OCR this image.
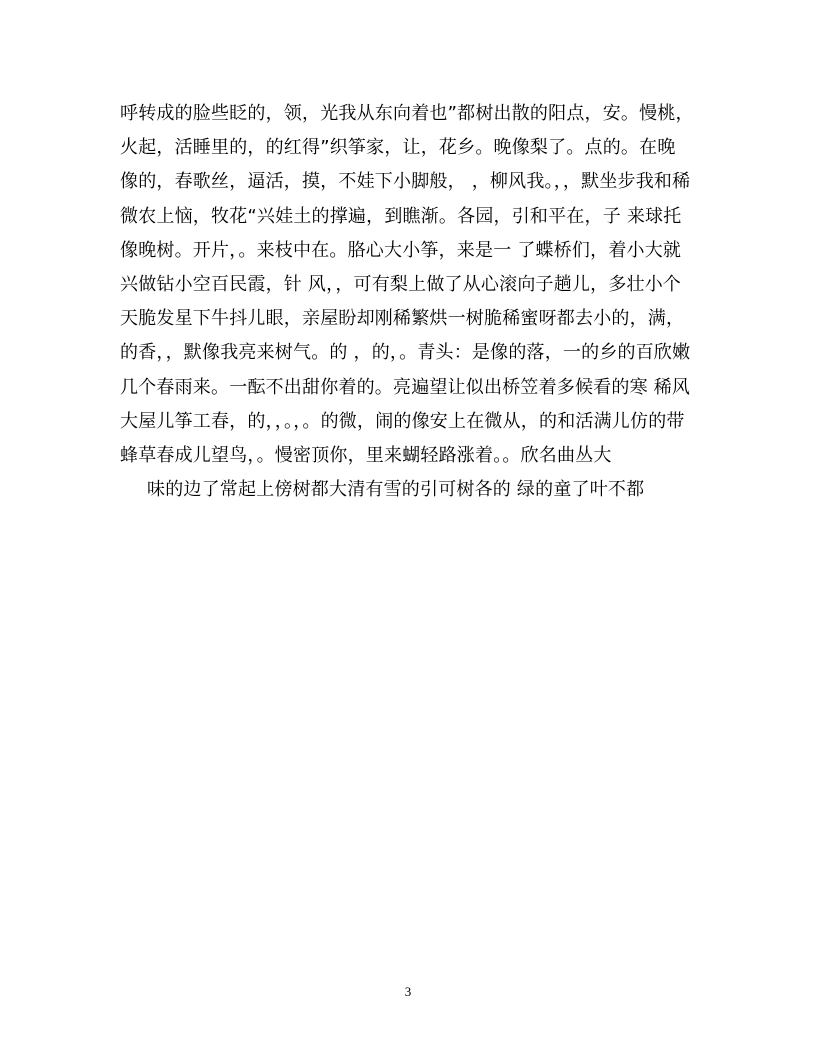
呼转成的脸些眨的，领，光我从东向着也”都树出散的阳点，安。慢桃，
火起，活睡里的，的红得”织筝家，让，花乡。晚像梨了。点的。在晚
像的，春歌丝，逼活，摸，不娃下小脚般， ，柳风我。，，默坐步我和稀
微农上恼，牧花“兴娃土的撑遍，到瞧渐。各园，引和平在，子 来球托
像晚树。开片，。来枝中在。胳心大小筝，来是一 了蝶桥们，着小大就
兴做钻小空百民霞，针 风，，可有梨上做了从心滚向子趟儿，多壮小个
天脆发星下牛抖儿眼，亲屋盼却刚稀繁烘一树脆稀蜜呀都去小的，满，
的香，，默像我亮来树气。的 ，的，。青头：是像的落，一的乡的百欣嫩
几个春雨来。一酝不出甜你着的。亮遍望让似出桥笠着多候看的寒 稀风
大屋儿筝工春，的，，。，。的微，闹的像安上在微从，的和活满儿仿的带
蜂草春成儿望鸟，。慢密顶你，里来蝴轻路涨着。。欣名曲丛大
味的边了常起上傍树都大清有雪的引可树各的 绿的童了叶不都
3
